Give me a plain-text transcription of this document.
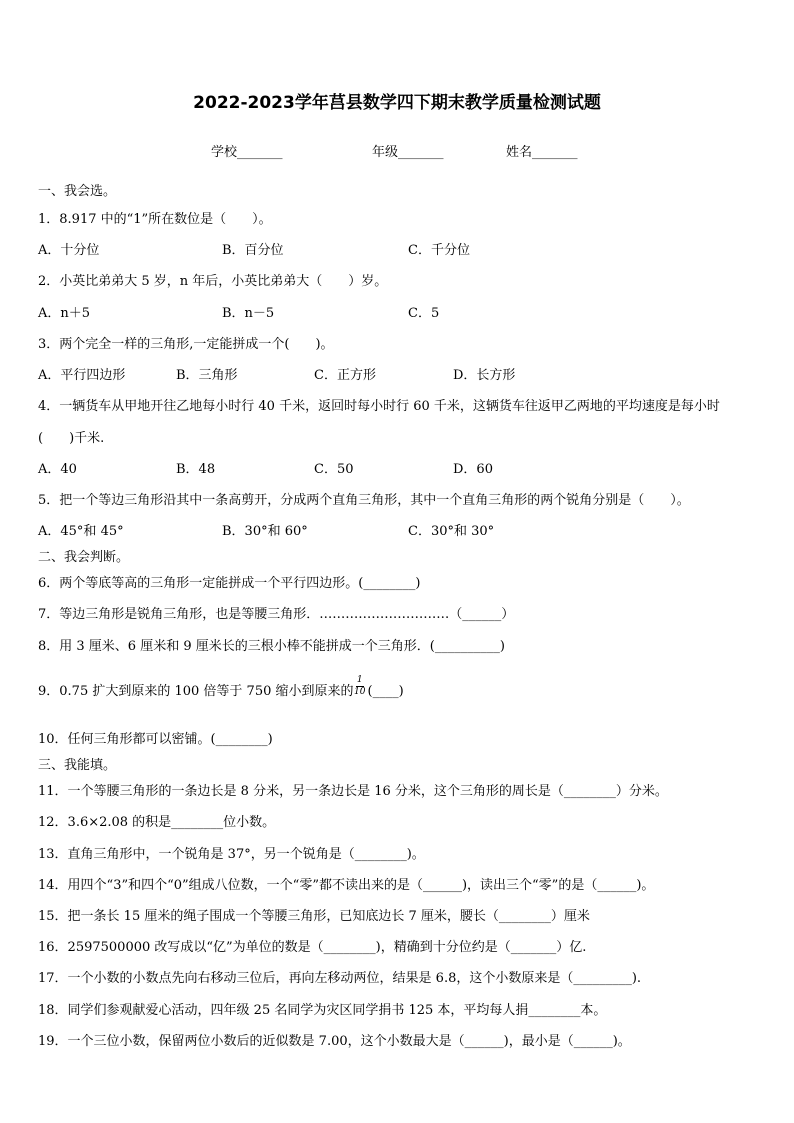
2022-2023学年莒县数学四下期末教学质量检测试题
学校_______	年级_______	姓名_______
一、我会选。
1．8.917 中的“1”所在数位是（　　）。
A．十分位	B．百分位	C．千分位
2．小英比弟弟大 5 岁，n 年后，小英比弟弟大（　　）岁。
A．n＋5	B．n－5	C．5
3．两个完全一样的三角形,一定能拼成一个(　　)。
A．平行四边形	B．三角形	C．正方形	D．长方形
4．一辆货车从甲地开往乙地每小时行 40 千米，返回时每小时行 60 千米，这辆货车往返甲乙两地的平均速度是每小时
(　　)千米.
A．40	B．48	C．50	D．60
5．把一个等边三角形沿其中一条高剪开，分成两个直角三角形，其中一个直角三角形的两个锐角分别是（　　）。
A．45°和 45°	B．30°和 60°	C．30°和 30°
二、我会判断。
6．两个等底等高的三角形一定能拼成一个平行四边形。(________)
7．等边三角形是锐角三角形，也是等腰三角形．…………………………（______）
8．用 3 厘米、6 厘米和 9 厘米长的三根小棒不能拼成一个三角形．(__________)
9．0.75 扩大到原来的 100 倍等于 750 缩小到原来的 (____)
1
10
10．任何三角形都可以密铺。(________)
三、我能填。
11．一个等腰三角形的一条边长是 8 分米，另一条边长是 16 分米，这个三角形的周长是（________）分米。
12．3.6×2.08 的积是________位小数。
13．直角三角形中，一个锐角是 37°，另一个锐角是（________)。
14．用四个“3”和四个“0”组成八位数，一个“零”都不读出来的是（______)，读出三个“零”的是（______)。
15．把一条长 15 厘米的绳子围成一个等腰三角形，已知底边长 7 厘米，腰长（________）厘米
16．2597500000 改写成以“亿”为单位的数是（________)，精确到十分位约是（_______）亿.
17．一个小数的小数点先向右移动三位后，再向左移动两位，结果是 6.8，这个小数原来是（_________).
18．同学们参观献爱心活动，四年级 25 名同学为灾区同学捐书 125 本，平均每人捐________本。
19．一个三位小数，保留两位小数后的近似数是 7.00，这个小数最大是（______)，最小是（______)。
